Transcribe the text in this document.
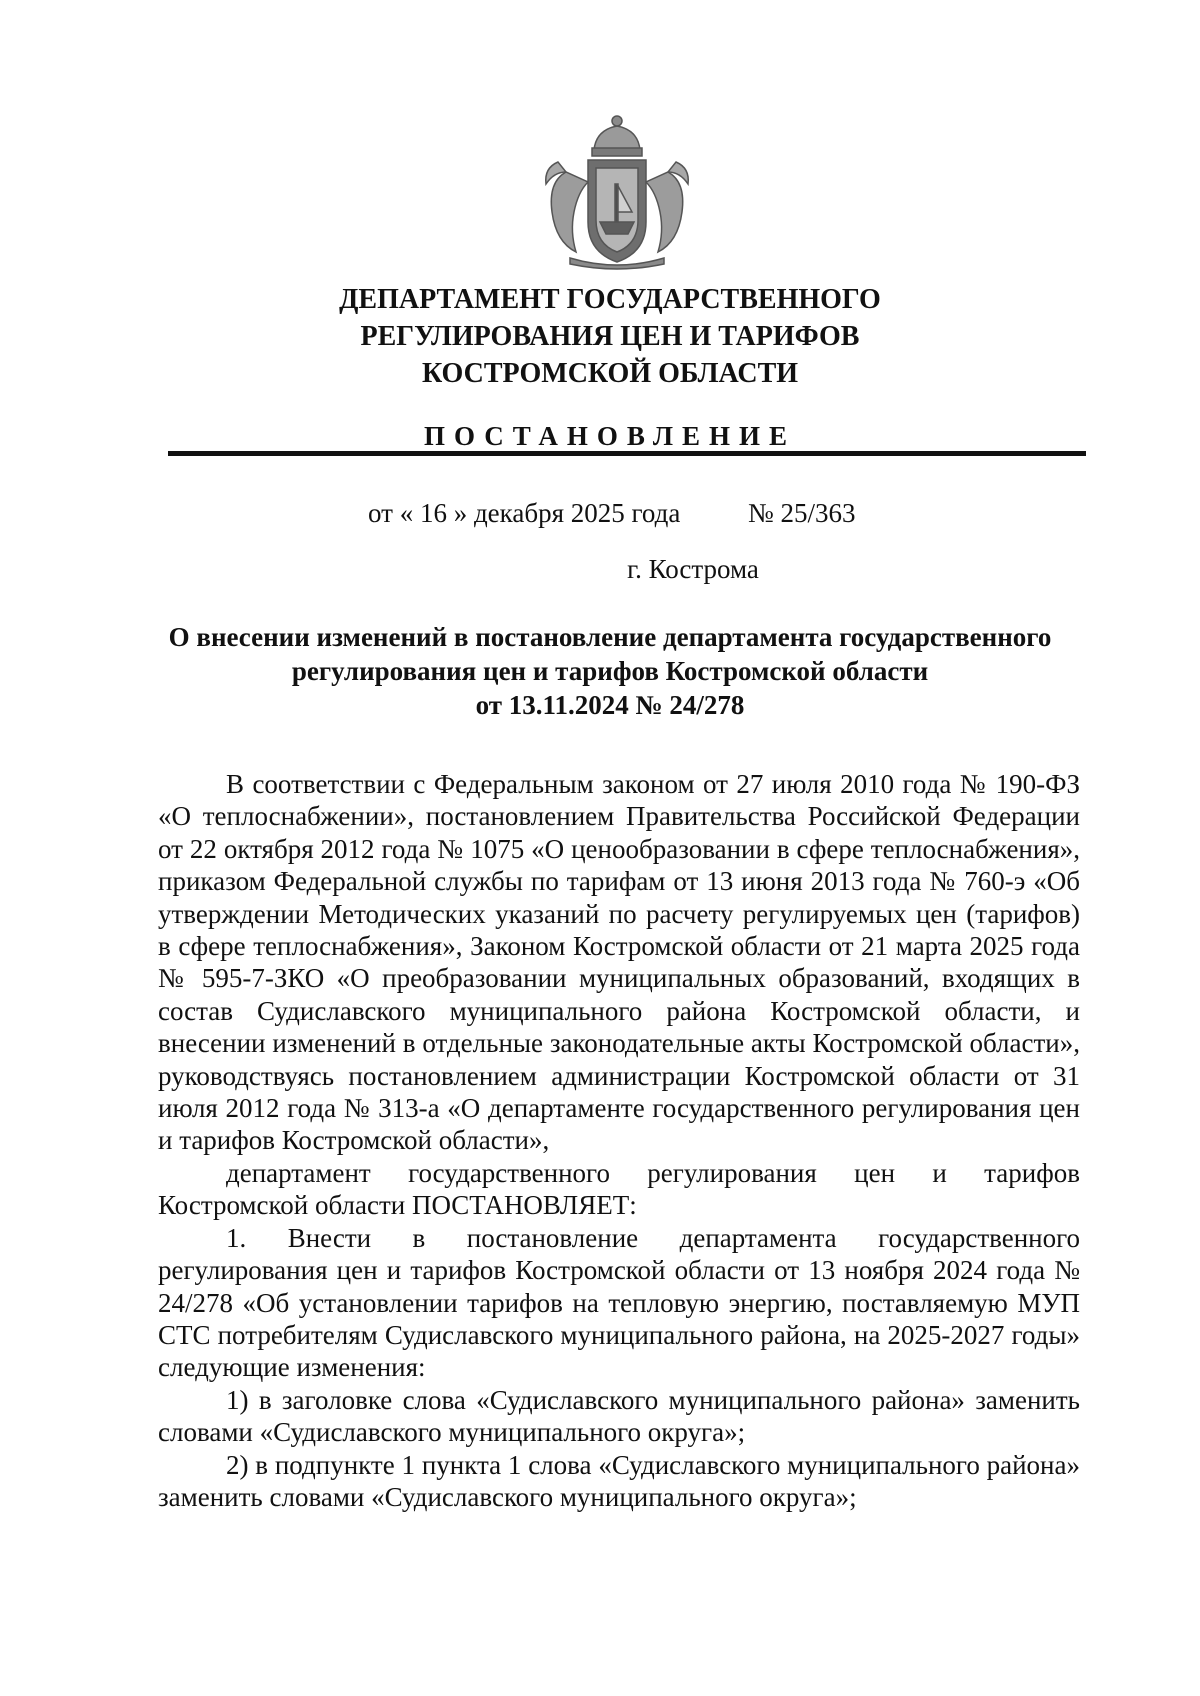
ДЕПАРТАМЕНТ ГОСУДАРСТВЕННОГО
РЕГУЛИРОВАНИЯ ЦЕН И ТАРИФОВ
КОСТРОМСКОЙ ОБЛАСТИ
ПОСТАНОВЛЕНИЕ
от « 16 » декабря 2025 года	№ 25/363
г. Кострома
О внесении изменений в постановление департамента государственного
регулирования цен и тарифов Костромской области
от 13.11.2024 № 24/278

В соответствии с Федеральным законом от 27 июля 2010 года № 190-ФЗ «О теплоснабжении», постановлением Правительства Российской Федерации от 22 октября 2012 года № 1075 «О ценообразовании в сфере теплоснабжения», приказом Федеральной службы по тарифам от 13 июня 2013 года № 760-э «Об утверждении Методических указаний по расчету регулируемых цен (тарифов) в сфере теплоснабжения», Законом Костромской области от 21 марта 2025 года № 595-7-ЗКО «О преобразовании муниципальных образований, входящих в состав Судиславского муниципального района Костромской области, и внесении изменений в отдельные законодательные акты Костромской области», руководствуясь постановлением администрации Костромской области от 31 июля 2012 года № 313-а «О департаменте государственного регулирования цен и тарифов Костромской области»,

департамент государственного регулирования цен и тарифов Костромской области ПОСТАНОВЛЯЕТ:

1. Внести в постановление департамента государственного регулирования цен и тарифов Костромской области от 13 ноября 2024 года № 24/278 «Об установлении тарифов на тепловую энергию, поставляемую МУП СТС потребителям Судиславского муниципального района, на 2025-2027 годы» следующие изменения:

1) в заголовке слова «Судиславского муниципального района» заменить словами «Судиславского муниципального округа»;

2) в подпункте 1 пункта 1 слова «Судиславского муниципального района» заменить словами «Судиславского муниципального округа»;
